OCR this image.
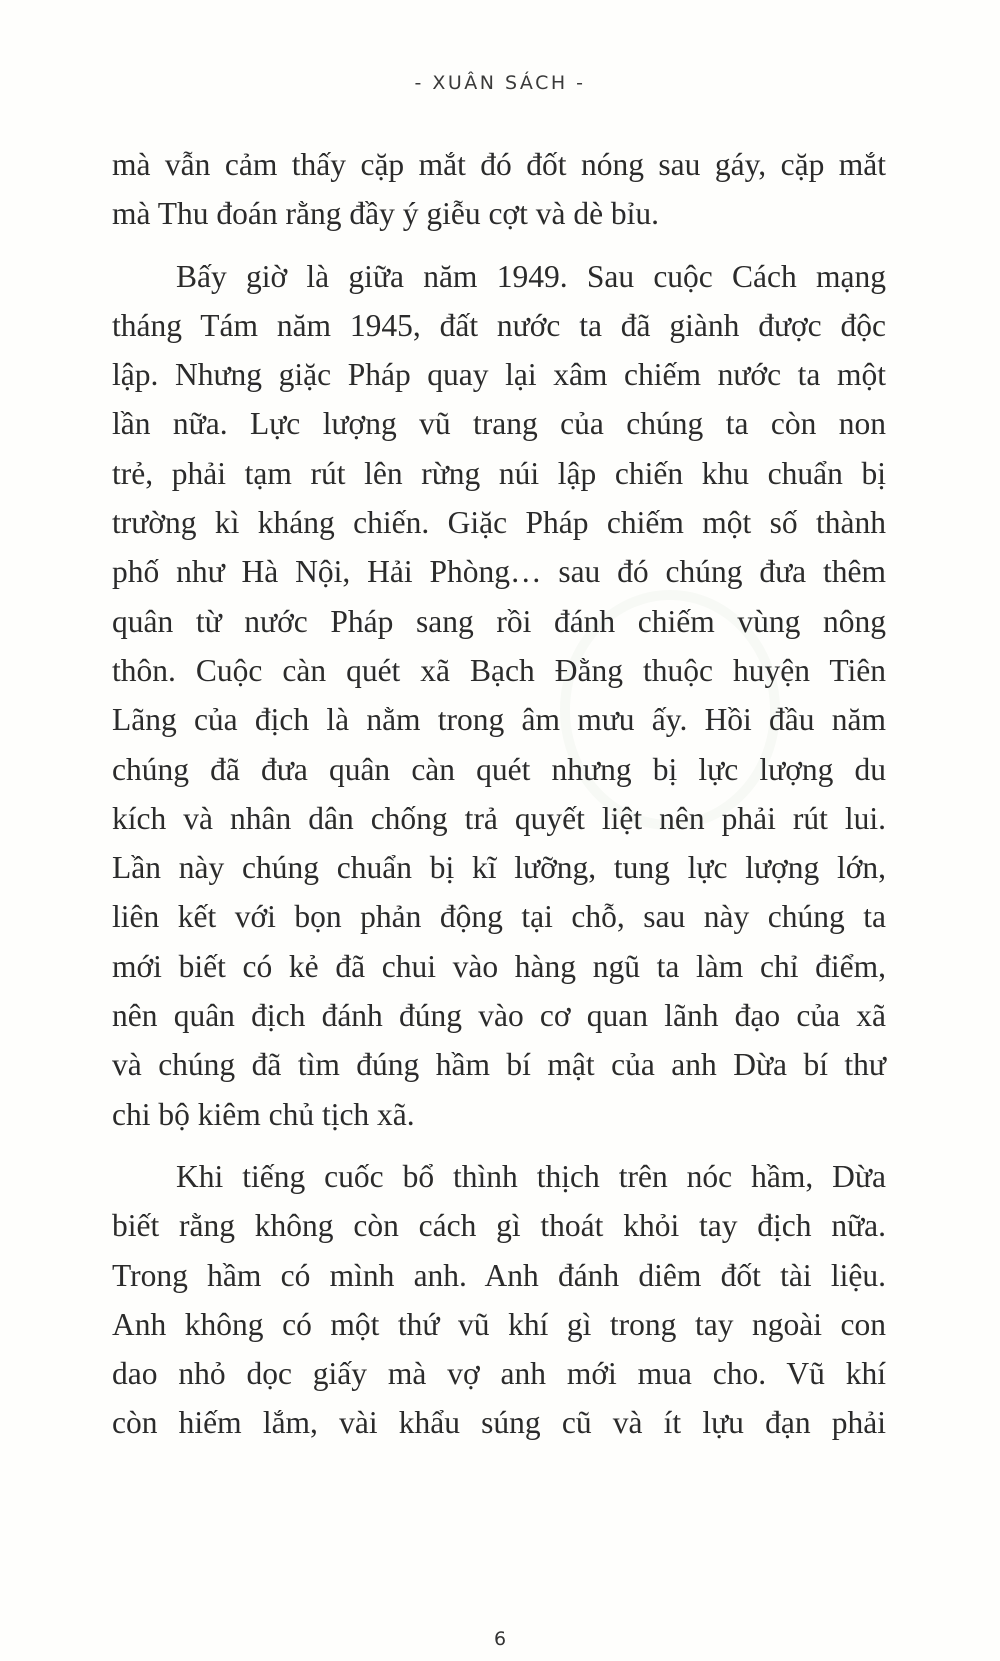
- XUÂN SÁCH -

mà vẫn cảm thấy cặp mắt đó đốt nóng sau gáy, cặp mắt
mà Thu đoán rằng đầy ý giễu cợt và dè bỉu.

Bấy giờ là giữa năm 1949. Sau cuộc Cách mạng
tháng Tám năm 1945, đất nước ta đã giành được độc
lập. Nhưng giặc Pháp quay lại xâm chiếm nước ta một
lần nữa. Lực lượng vũ trang của chúng ta còn non
trẻ, phải tạm rút lên rừng núi lập chiến khu chuẩn bị
trường kì kháng chiến. Giặc Pháp chiếm một số thành
phố như Hà Nội, Hải Phòng… sau đó chúng đưa thêm
quân từ nước Pháp sang rồi đánh chiếm vùng nông
thôn. Cuộc càn quét xã Bạch Đằng thuộc huyện Tiên
Lãng của địch là nằm trong âm mưu ấy. Hồi đầu năm
chúng đã đưa quân càn quét nhưng bị lực lượng du
kích và nhân dân chống trả quyết liệt nên phải rút lui.
Lần này chúng chuẩn bị kĩ lưỡng, tung lực lượng lớn,
liên kết với bọn phản động tại chỗ, sau này chúng ta
mới biết có kẻ đã chui vào hàng ngũ ta làm chỉ điểm,
nên quân địch đánh đúng vào cơ quan lãnh đạo của xã
và chúng đã tìm đúng hầm bí mật của anh Dừa bí thư
chi bộ kiêm chủ tịch xã.

Khi tiếng cuốc bổ thình thịch trên nóc hầm, Dừa
biết rằng không còn cách gì thoát khỏi tay địch nữa.
Trong hầm có mình anh. Anh đánh diêm đốt tài liệu.
Anh không có một thứ vũ khí gì trong tay ngoài con
dao nhỏ dọc giấy mà vợ anh mới mua cho. Vũ khí
còn hiếm lắm, vài khẩu súng cũ và ít lựu đạn phải

6
